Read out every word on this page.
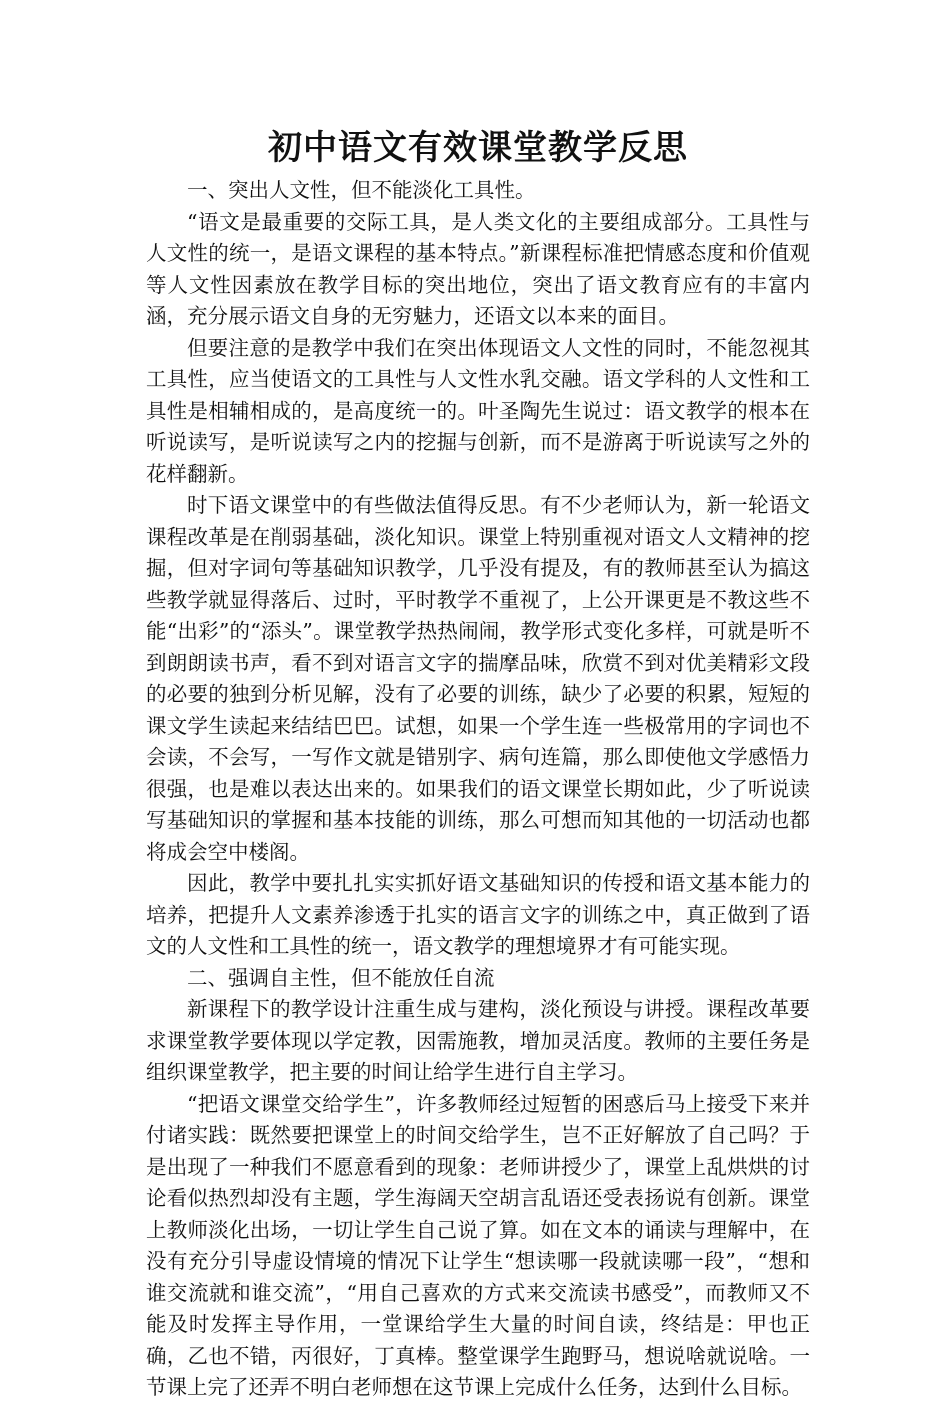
初中语文有效课堂教学反思

一、突出人文性，但不能淡化工具性。

“语文是最重要的交际工具，是人类文化的主要组成部分。工具性与人文性的统一，是语文课程的基本特点。”新课程标准把情感态度和价值观等人文性因素放在教学目标的突出地位，突出了语文教育应有的丰富内涵，充分展示语文自身的无穷魅力，还语文以本来的面目。

但要注意的是教学中我们在突出体现语文人文性的同时，不能忽视其工具性，应当使语文的工具性与人文性水乳交融。语文学科的人文性和工具性是相辅相成的，是高度统一的。叶圣陶先生说过：语文教学的根本在听说读写，是听说读写之内的挖掘与创新，而不是游离于听说读写之外的花样翻新。

时下语文课堂中的有些做法值得反思。有不少老师认为，新一轮语文课程改革是在削弱基础，淡化知识。课堂上特别重视对语文人文精神的挖掘，但对字词句等基础知识教学，几乎没有提及，有的教师甚至认为搞这些教学就显得落后、过时，平时教学不重视了，上公开课更是不教这些不能“出彩”的“添头”。课堂教学热热闹闹，教学形式变化多样，可就是听不到朗朗读书声，看不到对语言文字的揣摩品味，欣赏不到对优美精彩文段的必要的独到分析见解，没有了必要的训练，缺少了必要的积累，短短的课文学生读起来结结巴巴。试想，如果一个学生连一些极常用的字词也不会读，不会写，一写作文就是错别字、病句连篇，那么即使他文学感悟力很强，也是难以表达出来的。如果我们的语文课堂长期如此，少了听说读写基础知识的掌握和基本技能的训练，那么可想而知其他的一切活动也都将成会空中楼阁。

因此，教学中要扎扎实实抓好语文基础知识的传授和语文基本能力的培养，把提升人文素养渗透于扎实的语言文字的训练之中，真正做到了语文的人文性和工具性的统一，语文教学的理想境界才有可能实现。

二、强调自主性，但不能放任自流

新课程下的教学设计注重生成与建构，淡化预设与讲授。课程改革要求课堂教学要体现以学定教，因需施教，增加灵活度。教师的主要任务是组织课堂教学，把主要的时间让给学生进行自主学习。

“把语文课堂交给学生”，许多教师经过短暂的困惑后马上接受下来并付诸实践：既然要把课堂上的时间交给学生，岂不正好解放了自己吗？于是出现了一种我们不愿意看到的现象：老师讲授少了，课堂上乱烘烘的讨论看似热烈却没有主题，学生海阔天空胡言乱语还受表扬说有创新。课堂上教师淡化出场，一切让学生自己说了算。如在文本的诵读与理解中，在没有充分引导虚设情境的情况下让学生“想读哪一段就读哪一段”，“想和谁交流就和谁交流”，“用自己喜欢的方式来交流读书感受”，而教师又不能及时发挥主导作用，一堂课给学生大量的时间自读，终结是：甲也正确，乙也不错，丙很好，丁真棒。整堂课学生跑野马，想说啥就说啥。一节课上完了还弄不明白老师想在这节课上完成什么任务，达到什么目标。
